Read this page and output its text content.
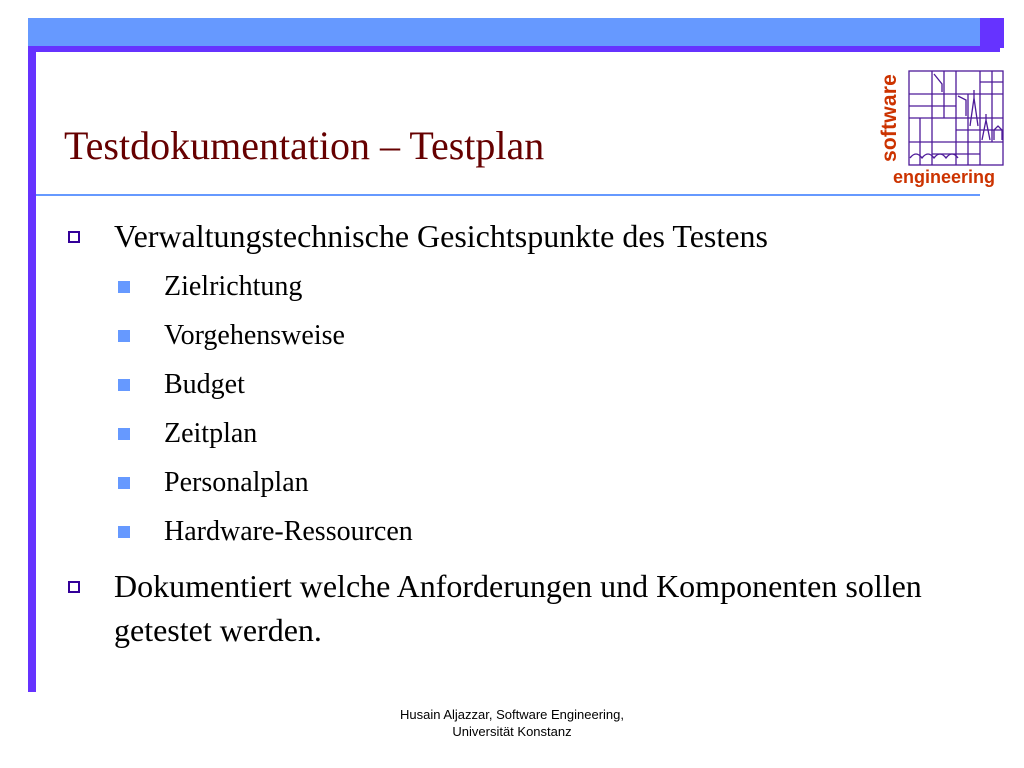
Testdokumentation – Testplan	software
engineering
Verwaltungstechnische Gesichtspunkte des Testens
Zielrichtung
Vorgehensweise
Budget
Zeitplan
Personalplan
Hardware-Ressourcen
Dokumentiert welche Anforderungen und Komponenten sollen getestet werden.
Husain Aljazzar, Software Engineering,
Universität Konstanz
